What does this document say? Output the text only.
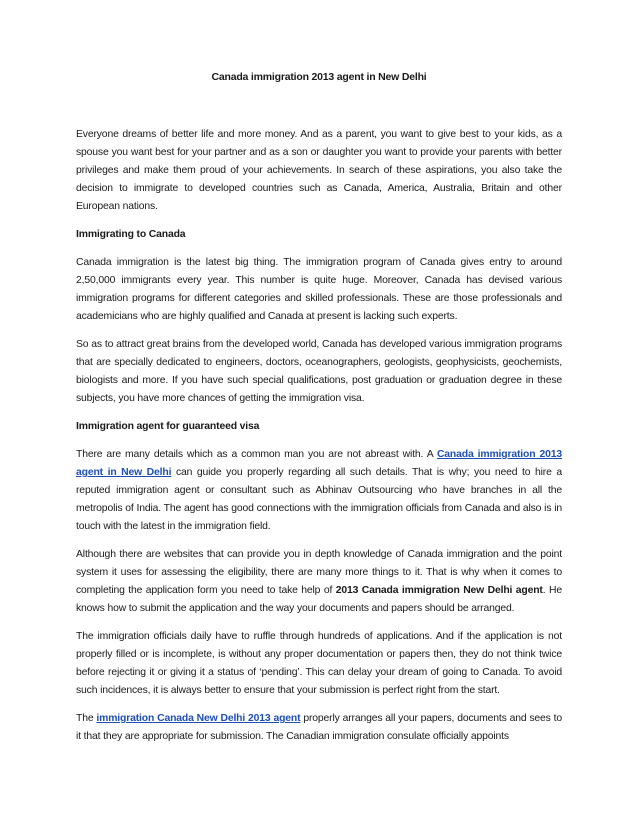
Canada immigration 2013 agent in New Delhi

Everyone dreams of better life and more money. And as a parent, you want to give best to your kids, as a spouse you want best for your partner and as a son or daughter you want to provide your parents with better privileges and make them proud of your achievements. In search of these aspirations, you also take the decision to immigrate to developed countries such as Canada, America, Australia, Britain and other European nations.

Immigrating to Canada

Canada immigration is the latest big thing. The immigration program of Canada gives entry to around 2,50,000 immigrants every year. This number is quite huge. Moreover, Canada has devised various immigration programs for different categories and skilled professionals. These are those professionals and academicians who are highly qualified and Canada at present is lacking such experts.

So as to attract great brains from the developed world, Canada has developed various immigration programs that are specially dedicated to engineers, doctors, oceanographers, geologists, geophysicists, geochemists, biologists and more. If you have such special qualifications, post graduation or graduation degree in these subjects, you have more chances of getting the immigration visa.

Immigration agent for guaranteed visa

There are many details which as a common man you are not abreast with. A Canada immigration 2013 agent in New Delhi can guide you properly regarding all such details. That is why; you need to hire a reputed immigration agent or consultant such as Abhinav Outsourcing who have branches in all the metropolis of India. The agent has good connections with the immigration officials from Canada and also is in touch with the latest in the immigration field.

Although there are websites that can provide you in depth knowledge of Canada immigration and the point system it uses for assessing the eligibility, there are many more things to it. That is why when it comes to completing the application form you need to take help of 2013 Canada immigration New Delhi agent. He knows how to submit the application and the way your documents and papers should be arranged.

The immigration officials daily have to ruffle through hundreds of applications. And if the application is not properly filled or is incomplete, is without any proper documentation or papers then, they do not think twice before rejecting it or giving it a status of ‘pending’. This can delay your dream of going to Canada. To avoid such incidences, it is always better to ensure that your submission is perfect right from the start.

The immigration Canada New Delhi 2013 agent properly arranges all your papers, documents and sees to it that they are appropriate for submission. The Canadian immigration consulate officially appoints
